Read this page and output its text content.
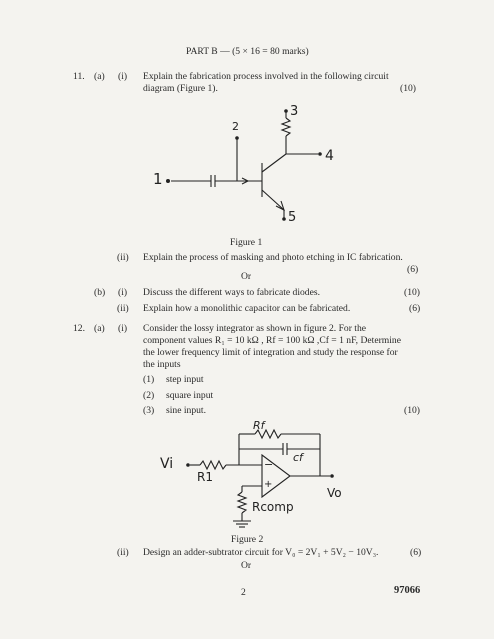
PART B — (5 × 16 = 80 marks)
11. (a) (i) Explain the fabrication process involved in the following circuit
diagram (Figure 1).	(10)
1
2
3
4
5
Figure 1
(ii) Explain the process of masking and photo etching in IC fabrication.
(6)
Or
(b) (i) Discuss the different ways to fabricate diodes.	(10)
(ii) Explain how a monolithic capacitor can be fabricated.	(6)
12. (a) (i) Consider the lossy integrator as shown in figure 2. For the
component values R₁ = 10 kΩ , Rf = 100 kΩ ,Cf = 1 nF, Determine
the lower frequency limit of integration and study the response for
the inputs
(1) step input
(2) square input
(3) sine input.	(10)
−
+
Rf
cf
Vi
R1
Vo
Rcomp
Figure 2
(ii) Design an adder-subtrator circuit for V₀ = 2V₁ + 5V₂ − 10V₃.	(6)
Or
2	97066
